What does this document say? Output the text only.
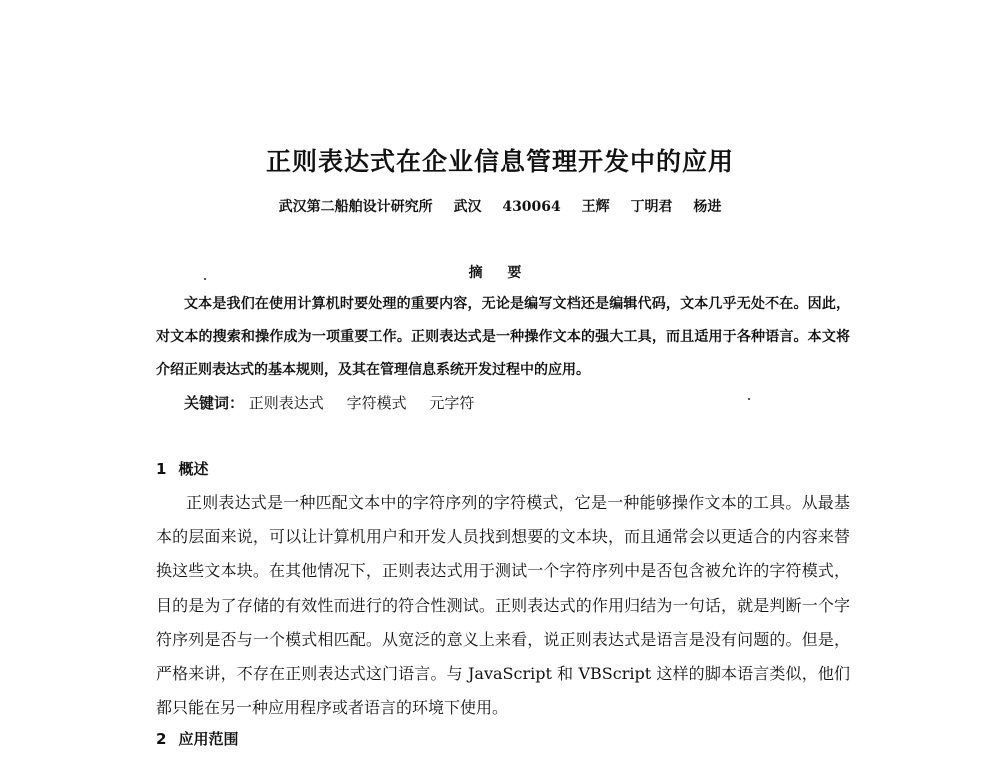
正则表达式在企业信息管理开发中的应用
武汉第二船舶设计研究所 武汉 430064 王辉 丁明君 杨进
摘 要

文本是我们在使用计算机时要处理的重要内容，无论是编写文档还是编辑代码，文本几乎无处不在。因此，对文本的搜索和操作成为一项重要工作。正则表达式是一种操作文本的强大工具，而且适用于各种语言。本文将介绍正则表达式的基本规则，及其在管理信息系统开发过程中的应用。

关键词： 正则表达式 字符模式 元字符
1 概述

正则表达式是一种匹配文本中的字符序列的字符模式，它是一种能够操作文本的工具。从最基本的层面来说，可以让计算机用户和开发人员找到想要的文本块，而且通常会以更适合的内容来替换这些文本块。在其他情况下，正则表达式用于测试一个字符序列中是否包含被允许的字符模式，目的是为了存储的有效性而进行的符合性测试。正则表达式的作用归结为一句话，就是判断一个字符序列是否与一个模式相匹配。从宽泛的意义上来看，说正则表达式是语言是没有问题的。但是，严格来讲，不存在正则表达式这门语言。与 JavaScript 和 VBScript 这样的脚本语言类似，他们都只能在另一种应用程序或者语言的环境下使用。

2 应用范围
